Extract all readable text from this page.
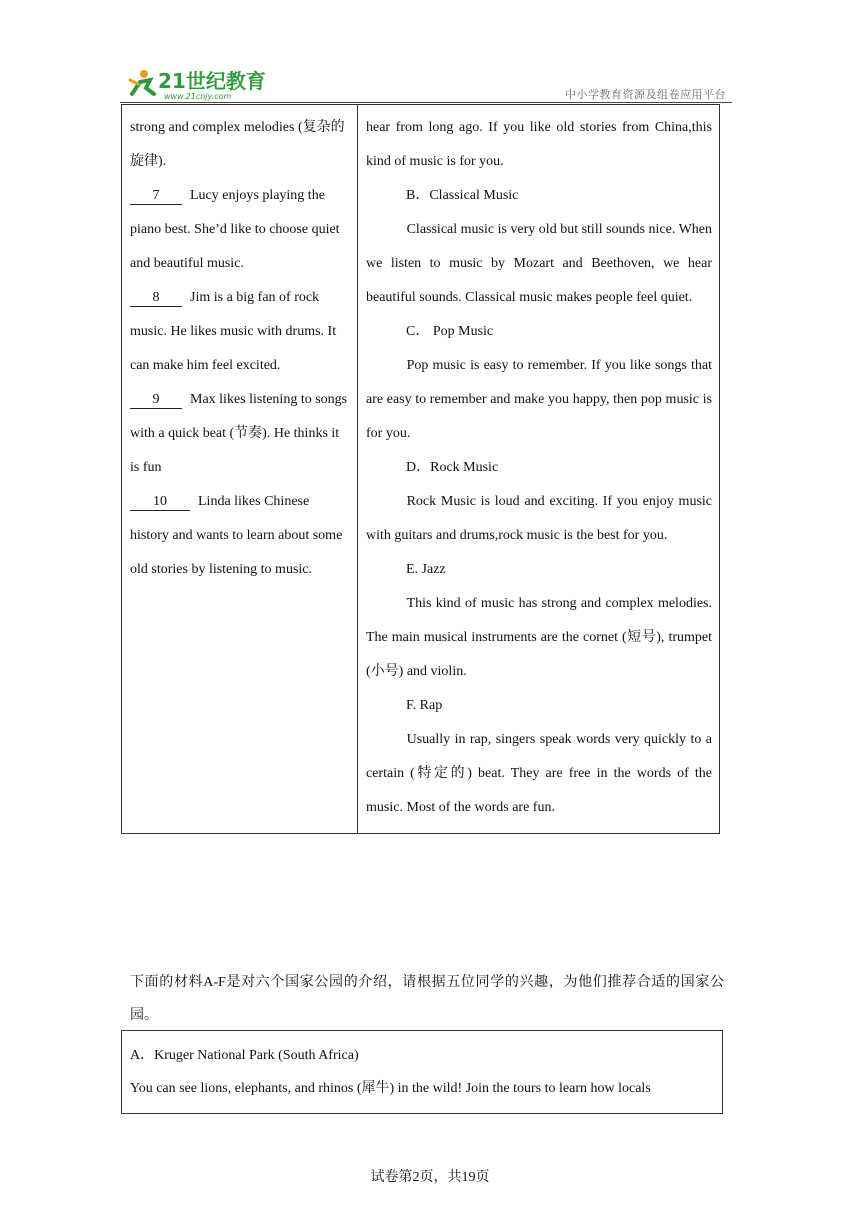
21世纪教育
www.21cnjy.com	中小学教育资源及组卷应用平台
strong and complex melodies (复杂的旋律).
7 Lucy enjoys playing the piano best. She’d like to choose quiet and beautiful music.
8 Jim is a big fan of rock music. He likes music with drums. It can make him feel excited.
9 Max likes listening to songs with a quick beat (节奏). He thinks it is fun
10 Linda likes Chinese history and wants to learn about some old stories by listening to music.

hear from long ago. If you like old stories from China,this kind of music is for you.

B．Classical Music

Classical music is very old but still sounds nice. When we listen to music by Mozart and Beethoven, we hear beautiful sounds. Classical music makes people feel quiet.

C． Pop Music

Pop music is easy to remember. If you like songs that are easy to remember and make you happy, then pop music is for you.

D．Rock Music

Rock Music is loud and exciting. If you enjoy music with guitars and drums,rock music is the best for you.

E. Jazz

This kind of music has strong and complex melodies. The main musical instruments are the cornet (短号), trumpet (小号) and violin.

F. Rap

Usually in rap, singers speak words very quickly to a certain (特定的) beat. They are free in the words of the music. Most of the words are fun.

下面的材料A-F是对六个国家公园的介绍，请根据五位同学的兴趣，为他们推荐合适的国家公园。
A．Kruger National Park (South Africa)
You can see lions, elephants, and rhinos (犀牛) in the wild! Join the tours to learn how locals
试卷第2页，共19页
